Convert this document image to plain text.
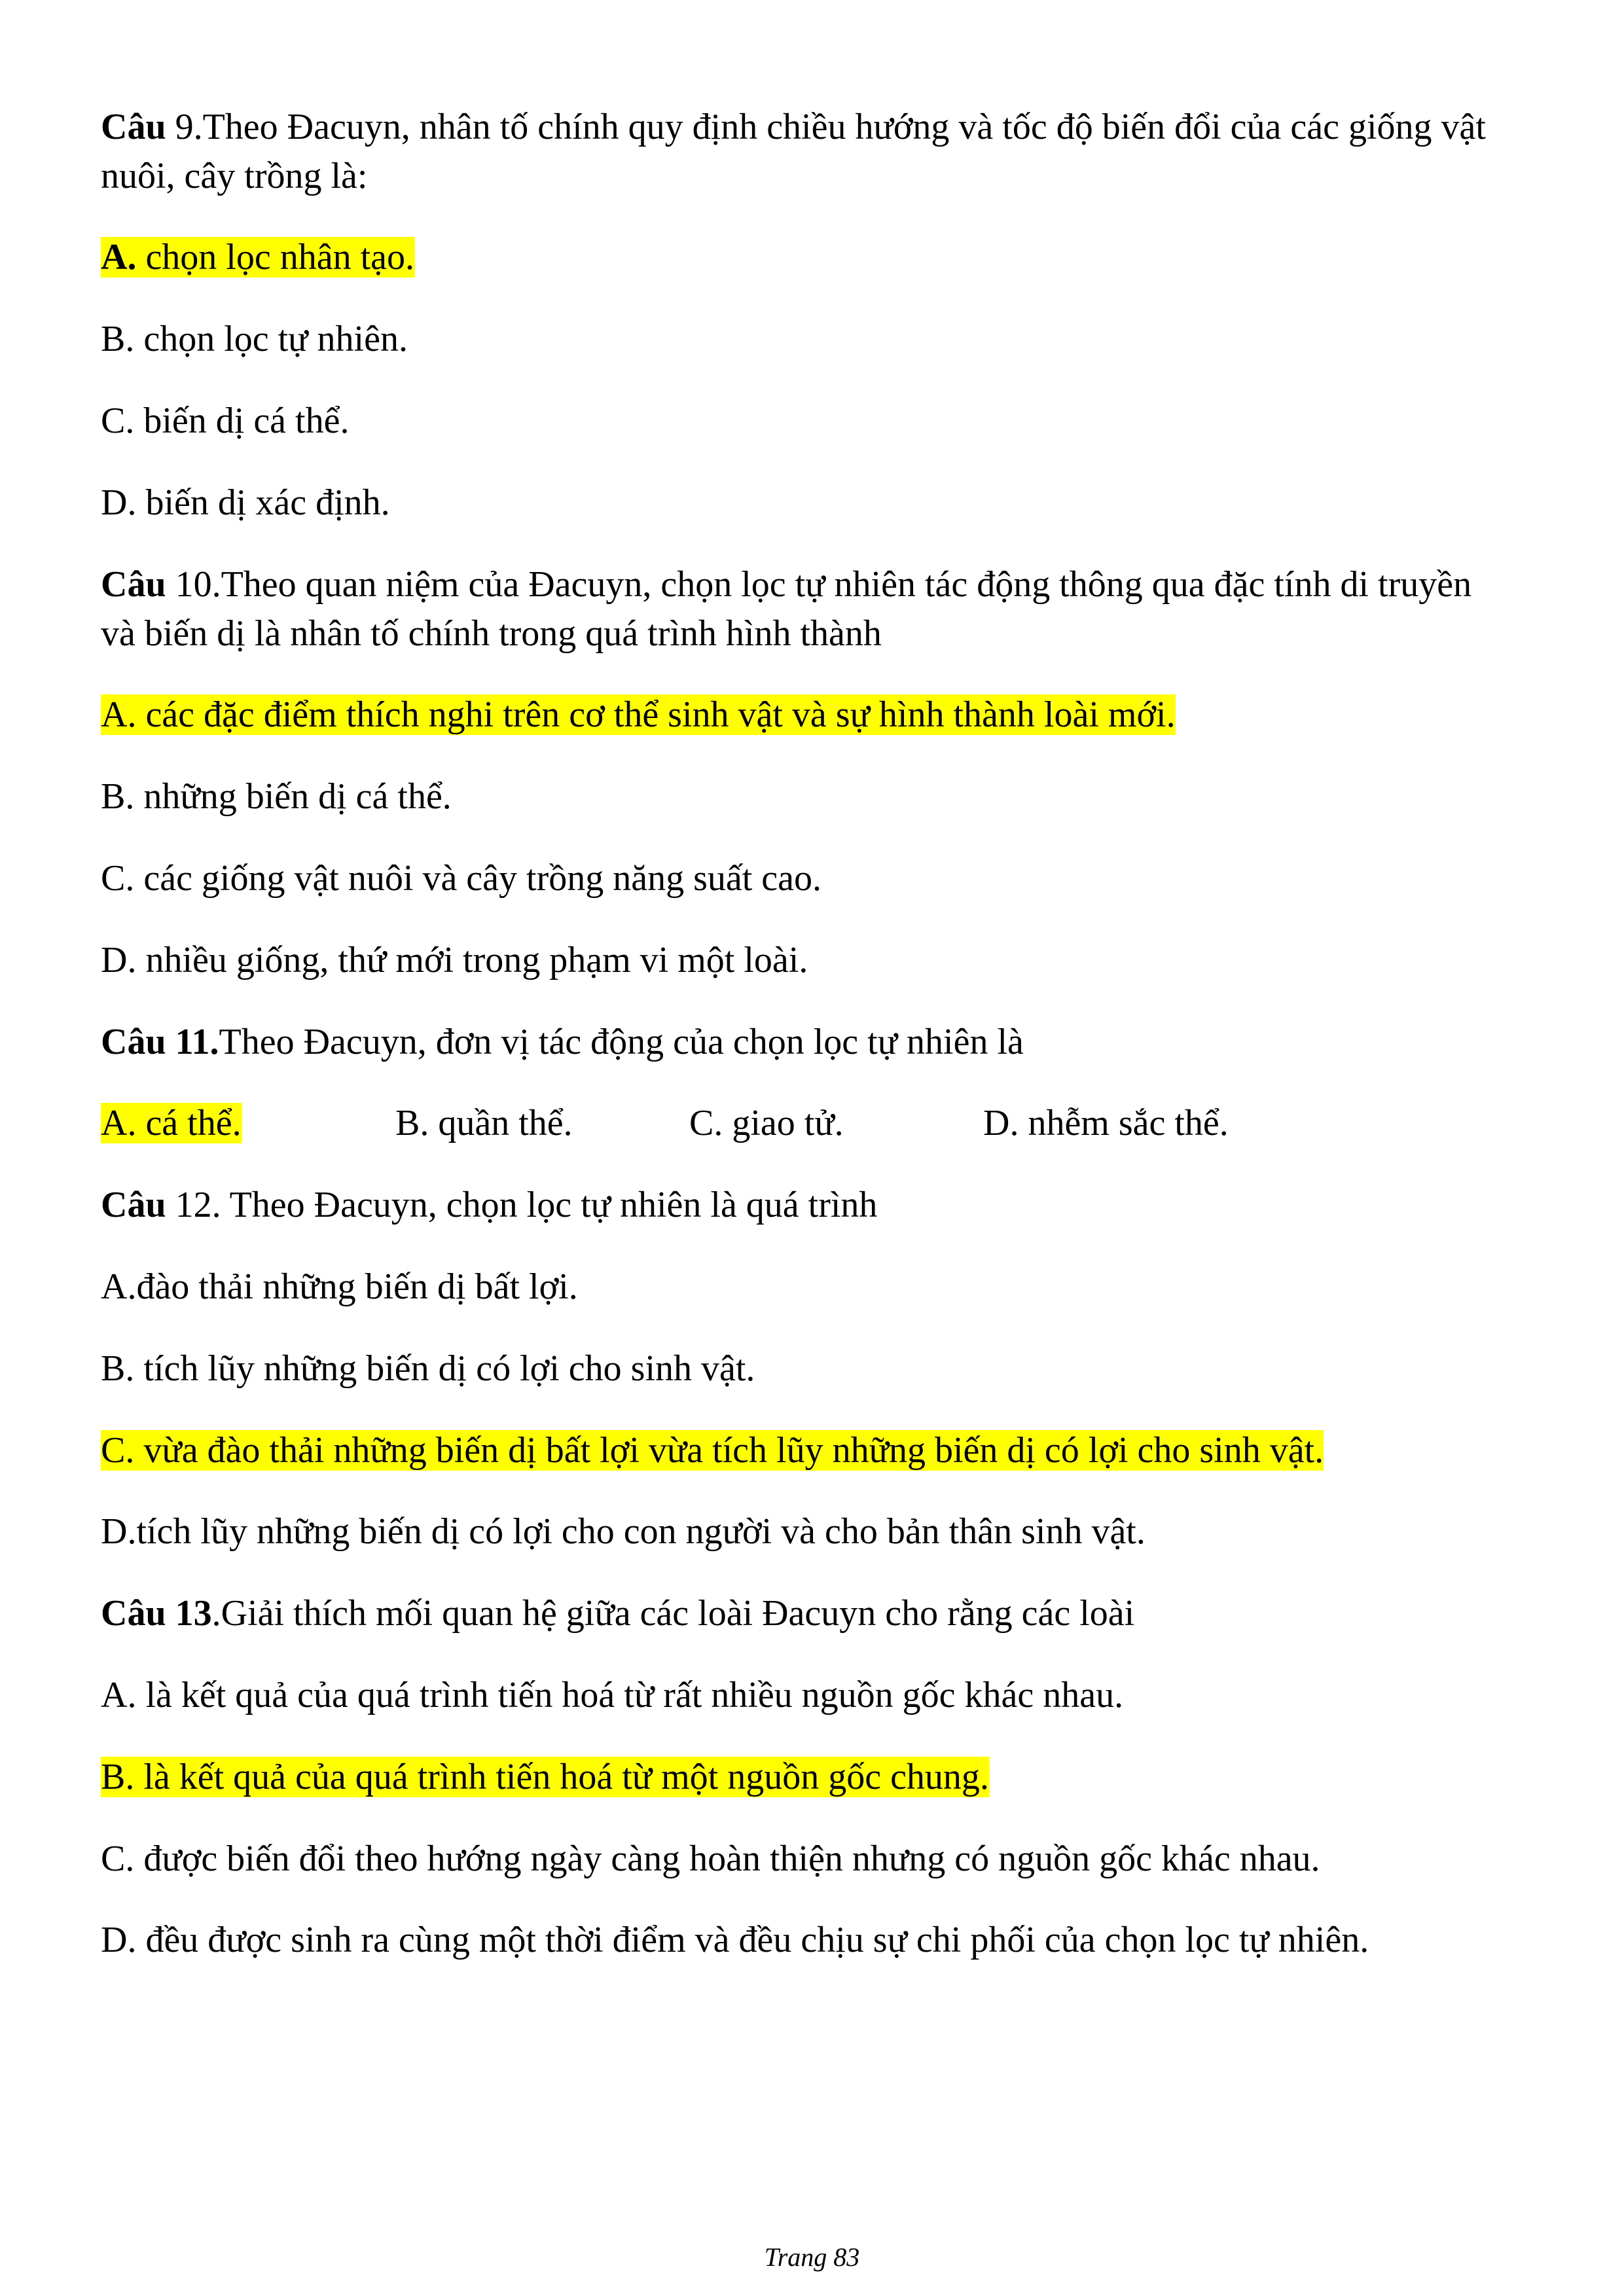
Câu 9.Theo Đacuyn, nhân tố chính quy định chiều hướng và tốc độ biến đổi của các giống vật
nuôi, cây trồng là:
A. chọn lọc nhân tạo.
B. chọn lọc tự nhiên.
C. biến dị cá thể.
D. biến dị xác định.
Câu 10.Theo quan niệm của Đacuyn, chọn lọc tự nhiên tác động thông qua đặc tính di truyền
và biến dị là nhân tố chính trong quá trình hình thành
A. các đặc điểm thích nghi trên cơ thể sinh vật và sự hình thành loài mới.
B. những biến dị cá thể.
C. các giống vật nuôi và cây trồng năng suất cao.
D. nhiều giống, thứ mới trong phạm vi một loài.
Câu 11.Theo Đacuyn, đơn vị tác động của chọn lọc tự nhiên là
A. cá thể.	B. quần thể.	C. giao tử.	D. nhễm sắc thể.
Câu 12. Theo Đacuyn, chọn lọc tự nhiên là quá trình
A.đào thải những biến dị bất lợi.
B. tích lũy những biến dị có lợi cho sinh vật.
C. vừa đào thải những biến dị bất lợi vừa tích lũy những biến dị có lợi cho sinh vật.
D.tích lũy những biến dị có lợi cho con người và cho bản thân sinh vật.
Câu 13.Giải thích mối quan hệ giữa các loài Đacuyn cho rằng các loài
A. là kết quả của quá trình tiến hoá từ rất nhiều nguồn gốc khác nhau.
B. là kết quả của quá trình tiến hoá từ một nguồn gốc chung.
C. được biến đổi theo hướng ngày càng hoàn thiện nhưng có nguồn gốc khác nhau.
D. đều được sinh ra cùng một thời điểm và đều chịu sự chi phối của chọn lọc tự nhiên.
Trang 83
